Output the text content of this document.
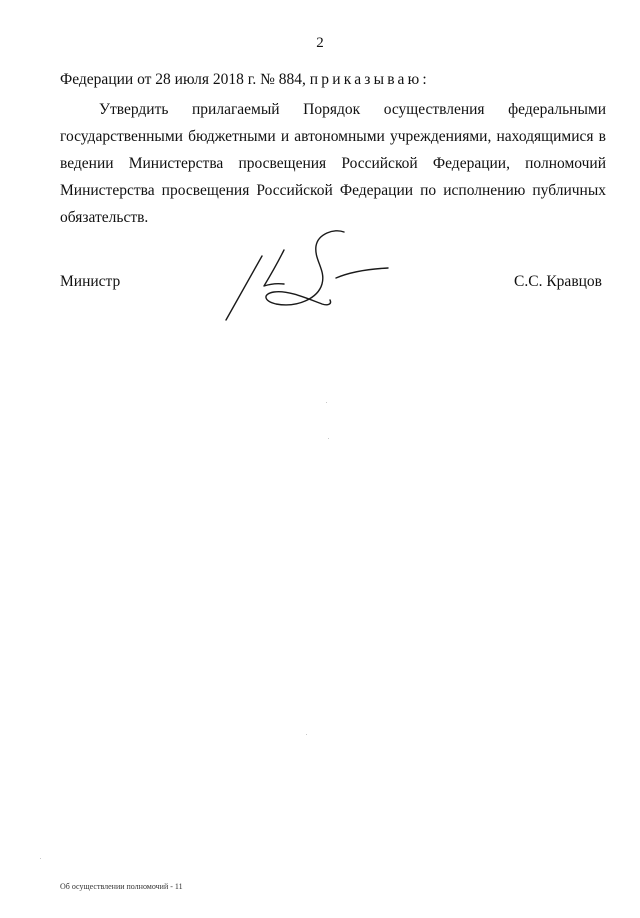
2
Федерации от 28 июля 2018 г. № 884, приказываю:

Утвердить прилагаемый Порядок осуществления федеральными государственными бюджетными и автономными учреждениями, находящимися в ведении Министерства просвещения Российской Федерации, полномочий Министерства просвещения Российской Федерации по исполнению публичных обязательств.

Министр	С.С. Кравцов
Об осуществлении полномочий - 11
